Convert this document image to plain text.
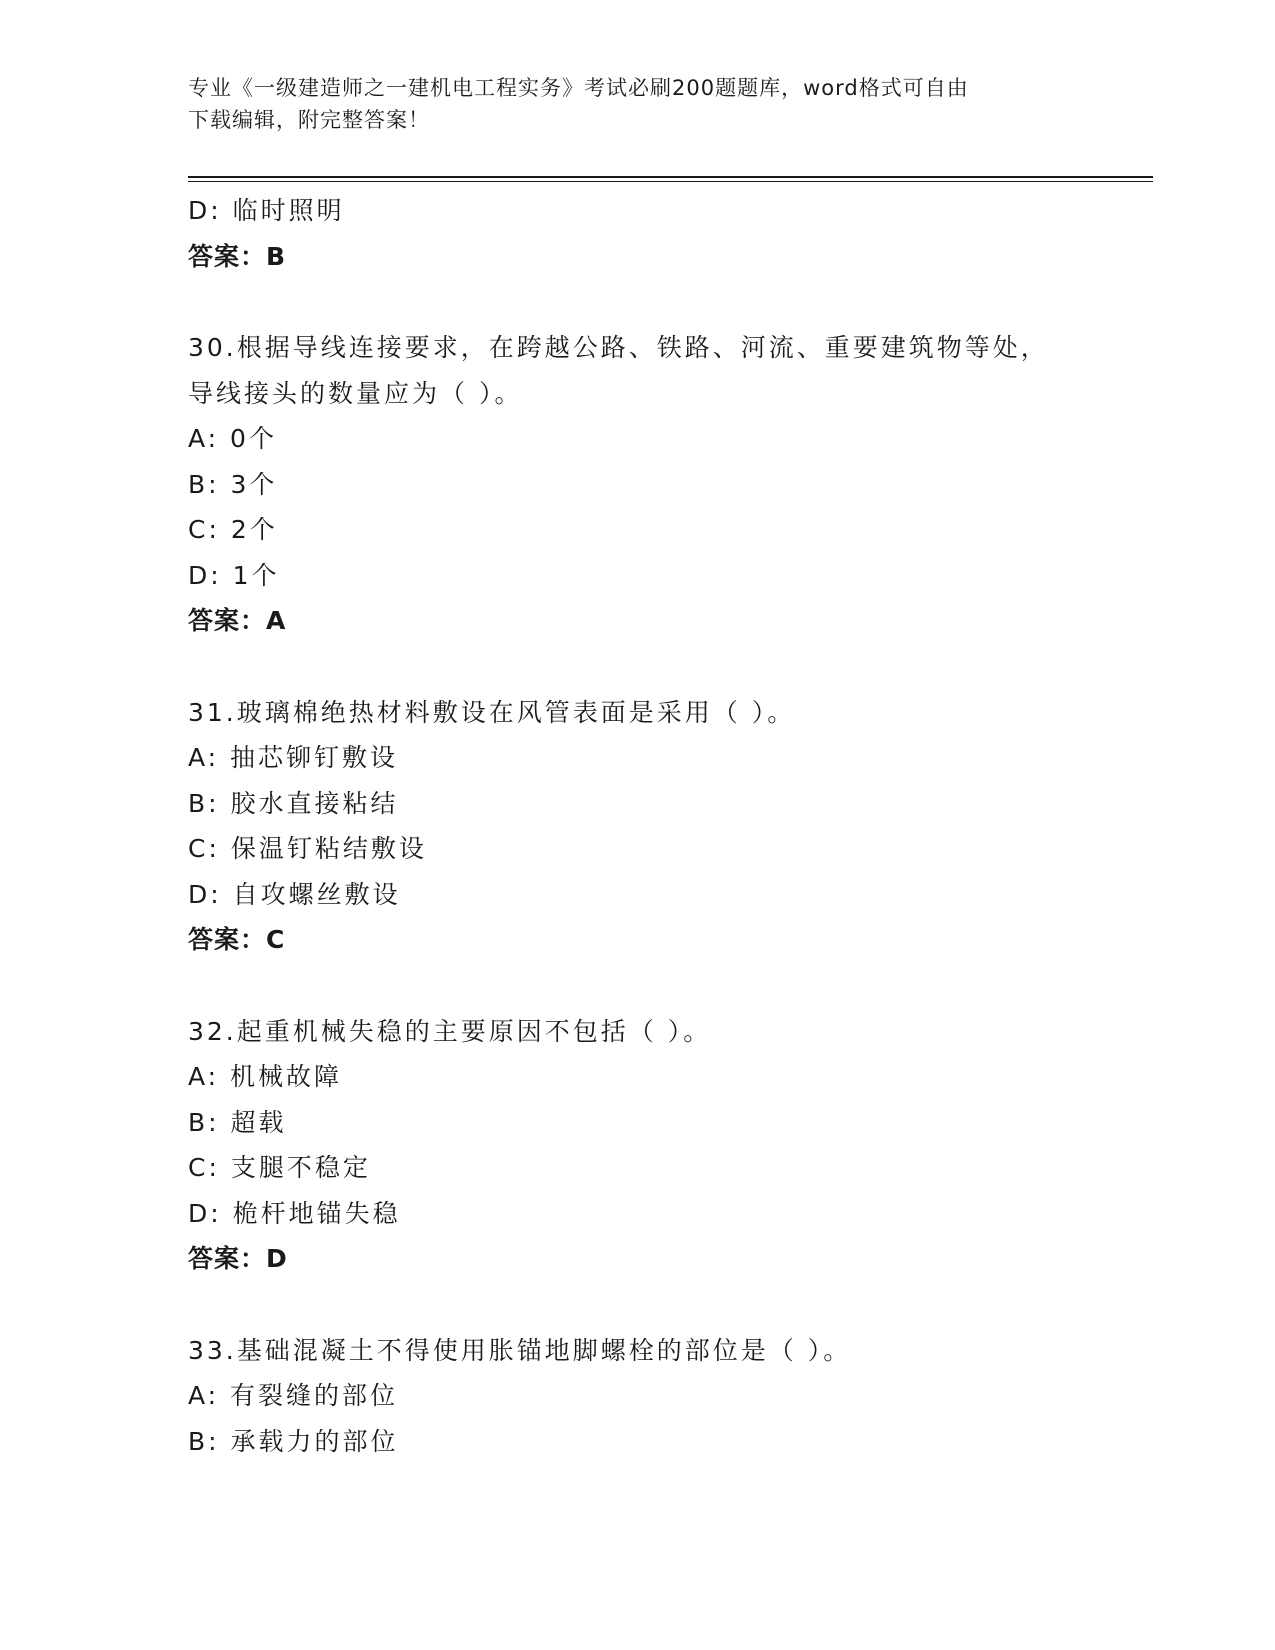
专业《一级建造师之一建机电工程实务》考试必刷200题题库，word格式可自由
下载编辑，附完整答案！
D: 临时照明
答案：B
30.根据导线连接要求，在跨越公路、铁路、河流、重要建筑物等处，
导线接头的数量应为（ ）。
A: 0个
B: 3个
C: 2个
D: 1个
答案：A
31.玻璃棉绝热材料敷设在风管表面是采用（ ）。
A: 抽芯铆钉敷设
B: 胶水直接粘结
C: 保温钉粘结敷设
D: 自攻螺丝敷设
答案：C
32.起重机械失稳的主要原因不包括（ ）。
A: 机械故障
B: 超载
C: 支腿不稳定
D: 桅杆地锚失稳
答案：D
33.基础混凝土不得使用胀锚地脚螺栓的部位是（ ）。
A: 有裂缝的部位
B: 承载力的部位
